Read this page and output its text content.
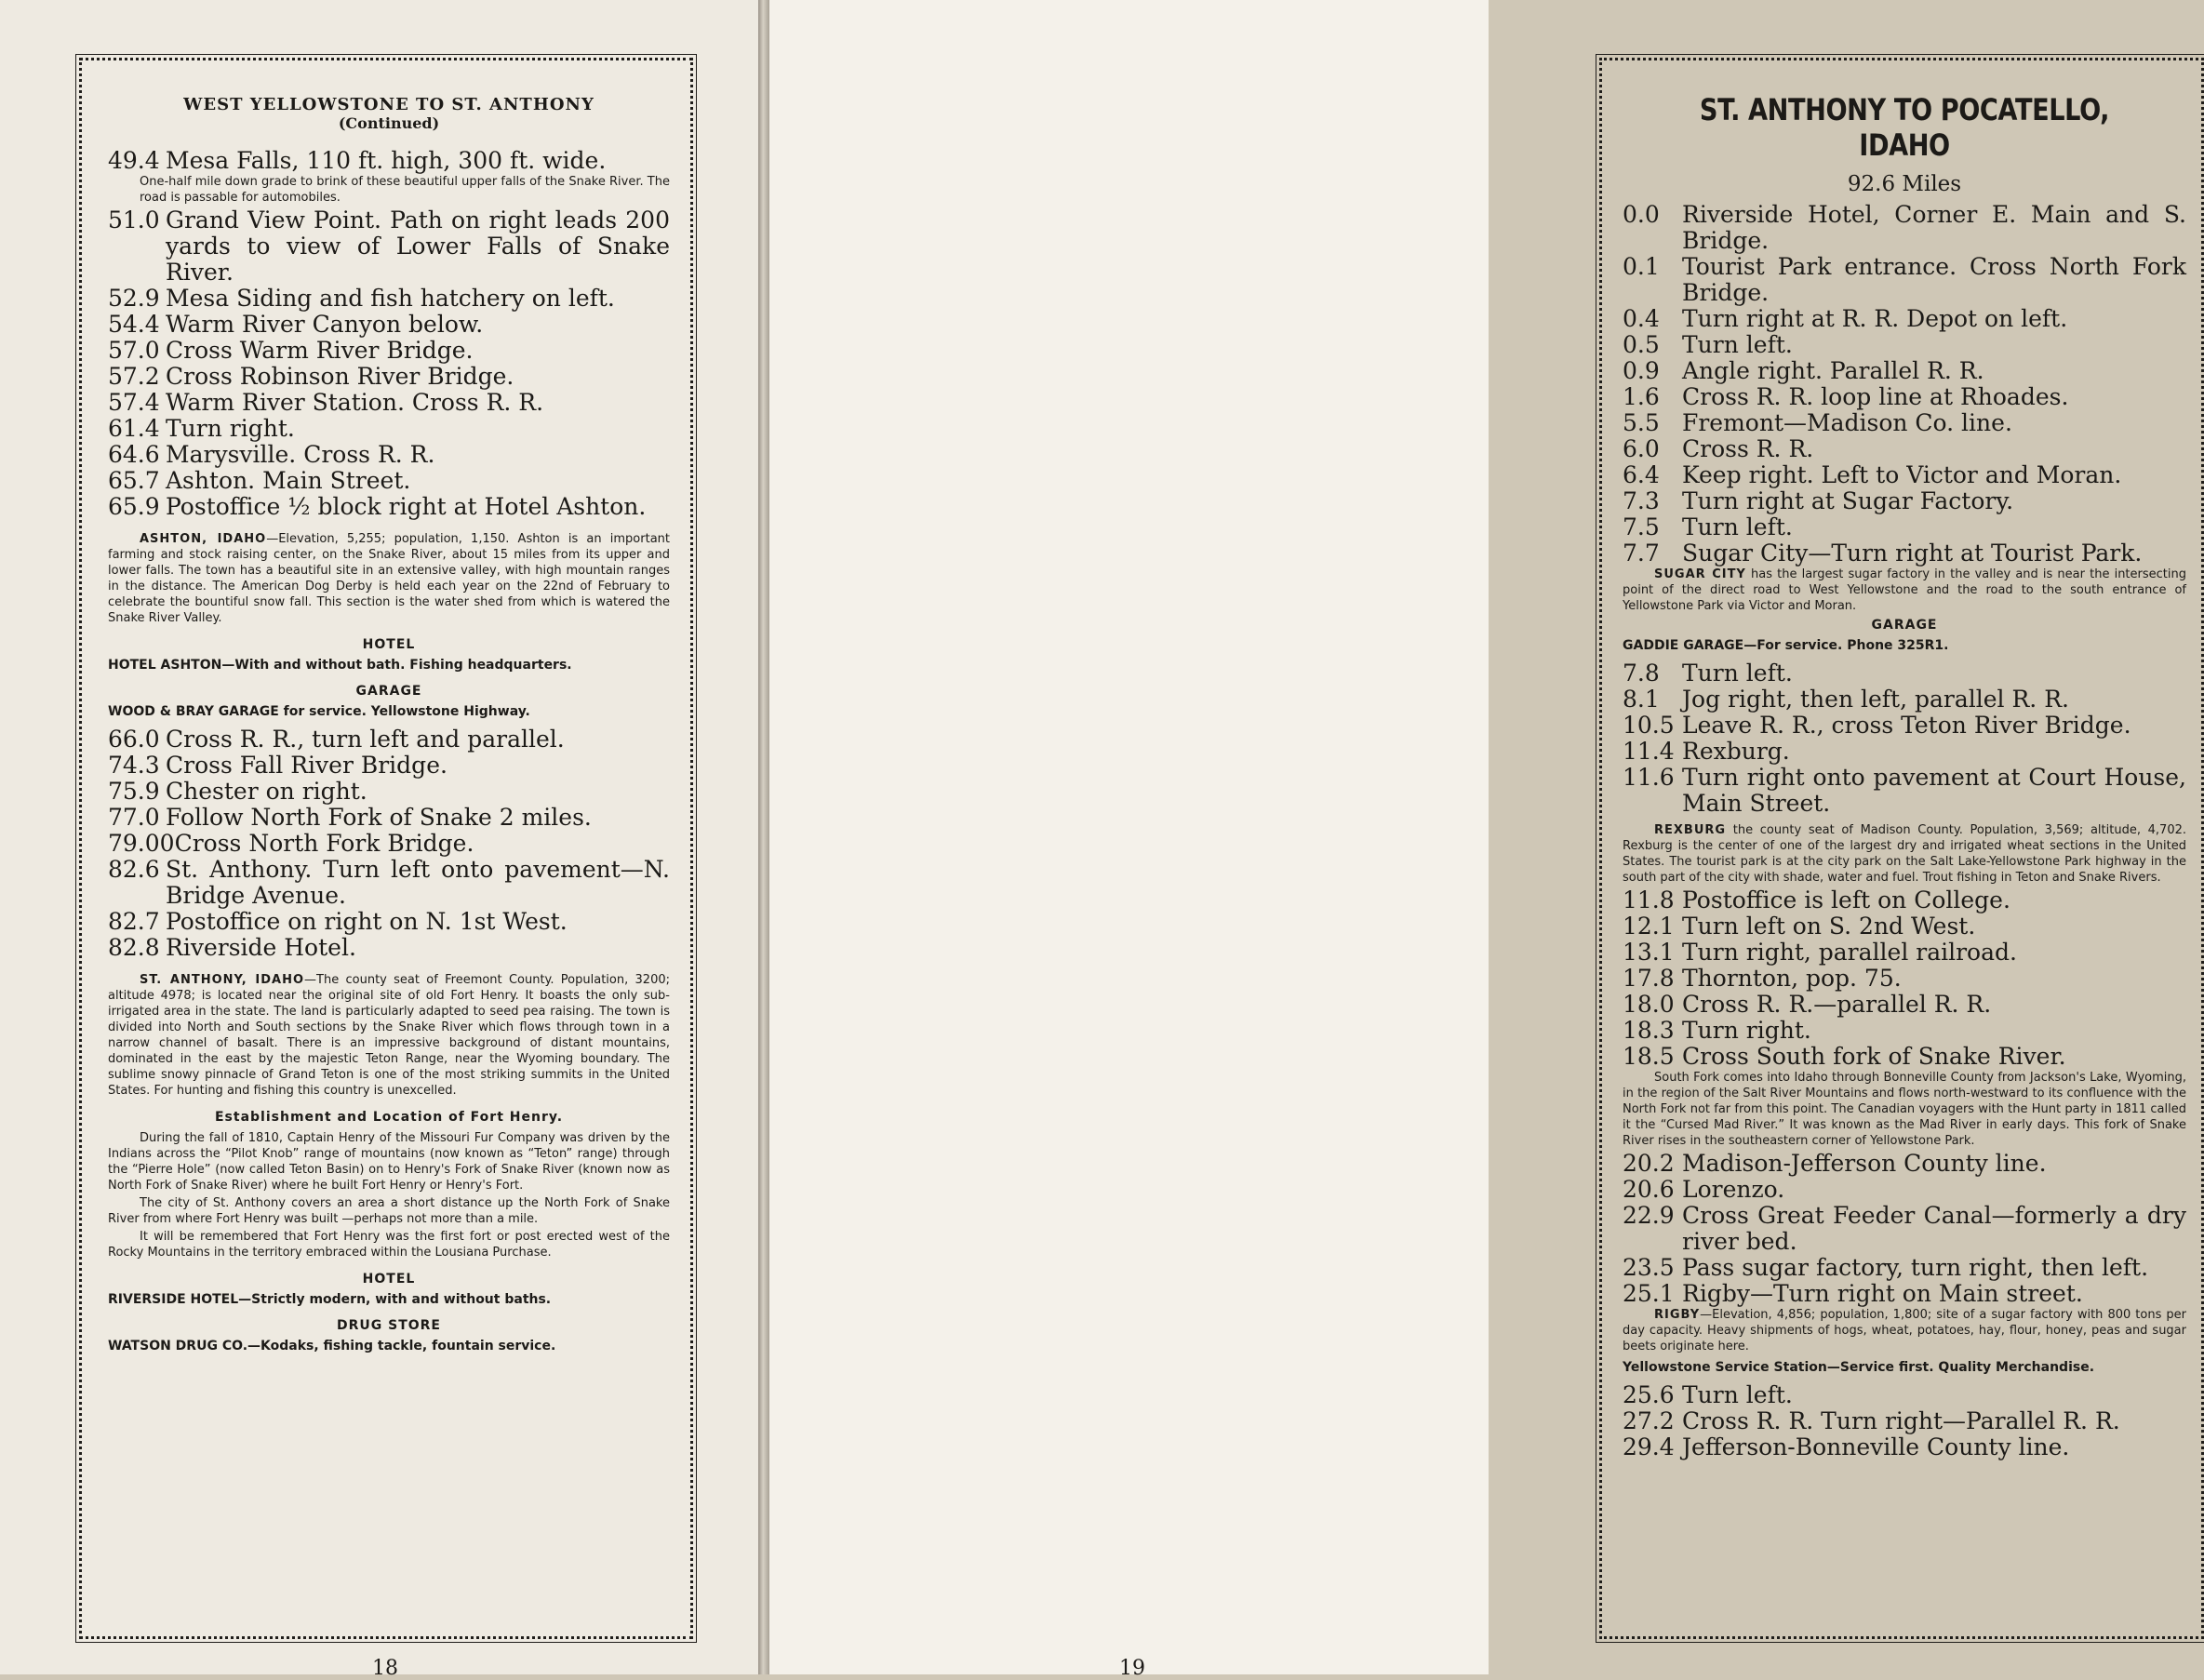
WEST YELLOWSTONE TO ST. ANTHONY
(Continued)
49.4 Mesa Falls, 110 ft. high, 300 ft. wide.

One-half mile down grade to brink of these beautiful upper falls of the Snake River. The road is passable for automobiles.

51.0 Grand View Point. Path on right leads 200 yards to view of Lower Falls of Snake River.
52.9 Mesa Siding and fish hatchery on left.
54.4 Warm River Canyon below.
57.0 Cross Warm River Bridge.
57.2 Cross Robinson River Bridge.
57.4 Warm River Station. Cross R. R.
61.4 Turn right.
64.6 Marysville. Cross R. R.
65.7 Ashton. Main Street.
65.9 Postoffice ½ block right at Hotel Ashton.

ASHTON, IDAHO—Elevation, 5,255; population, 1,150. Ashton is an important farming and stock raising center, on the Snake River, about 15 miles from its upper and lower falls. The town has a beautiful site in an extensive valley, with high mountain ranges in the distance. The American Dog Derby is held each year on the 22nd of February to celebrate the bountiful snow fall. This section is the water shed from which is watered the Snake River Valley.

HOTEL
HOTEL ASHTON—With and without bath. Fishing headquarters.
GARAGE
WOOD & BRAY GARAGE for service. Yellowstone Highway.
66.0 Cross R. R., turn left and parallel.
74.3 Cross Fall River Bridge.
75.9 Chester on right.
77.0 Follow North Fork of Snake 2 miles.
79.00 Cross North Fork Bridge.
82.6 St. Anthony. Turn left onto pavement—N. Bridge Avenue.
82.7 Postoffice on right on N. 1st West.
82.8 Riverside Hotel.

ST. ANTHONY, IDAHO—The county seat of Freemont County. Population, 3200; altitude 4978; is located near the original site of old Fort Henry. It boasts the only sub-irrigated area in the state. The land is particularly adapted to seed pea raising. The town is divided into North and South sections by the Snake River which flows through town in a narrow channel of basalt. There is an impressive background of distant mountains, dominated in the east by the majestic Teton Range, near the Wyoming boundary. The sublime snowy pinnacle of Grand Teton is one of the most striking summits in the United States. For hunting and fishing this country is unexcelled.

Establishment and Location of Fort Henry.

During the fall of 1810, Captain Henry of the Missouri Fur Company was driven by the Indians across the “Pilot Knob” range of mountains (now known as “Teton” range) through the “Pierre Hole” (now called Teton Basin) on to Henry's Fork of Snake River (known now as North Fork of Snake River) where he built Fort Henry or Henry's Fort.

The city of St. Anthony covers an area a short distance up the North Fork of Snake River from where Fort Henry was built —perhaps not more than a mile.

It will be remembered that Fort Henry was the first fort or post erected west of the Rocky Mountains in the territory embraced within the Lousiana Purchase.

HOTEL
RIVERSIDE HOTEL—Strictly modern, with and without baths.
DRUG STORE
WATSON DRUG CO.—Kodaks, fishing tackle, fountain service.
18
ST. ANTHONY TO POCATELLO, IDAHO
92.6 Miles
0.0 Riverside Hotel, Corner E. Main and S. Bridge.
0.1 Tourist Park entrance. Cross North Fork Bridge.
0.4 Turn right at R. R. Depot on left.
0.5 Turn left.
0.9 Angle right. Parallel R. R.
1.6 Cross R. R. loop line at Rhoades.
5.5 Fremont—Madison Co. line.
6.0 Cross R. R.
6.4 Keep right. Left to Victor and Moran.
7.3 Turn right at Sugar Factory.
7.5 Turn left.
7.7 Sugar City—Turn right at Tourist Park.

SUGAR CITY has the largest sugar factory in the valley and is near the intersecting point of the direct road to West Yellowstone and the road to the south entrance of Yellowstone Park via Victor and Moran.

GARAGE
GADDIE GARAGE—For service. Phone 325R1.
7.8 Turn left.
8.1 Jog right, then left, parallel R. R.
10.5 Leave R. R., cross Teton River Bridge.
11.4 Rexburg.
11.6 Turn right onto pavement at Court House, Main Street.

REXBURG the county seat of Madison County. Population, 3,569; altitude, 4,702. Rexburg is the center of one of the largest dry and irrigated wheat sections in the United States. The tourist park is at the city park on the Salt Lake-Yellowstone Park highway in the south part of the city with shade, water and fuel. Trout fishing in Teton and Snake Rivers.

11.8 Postoffice is left on College.
12.1 Turn left on S. 2nd West.
13.1 Turn right, parallel railroad.
17.8 Thornton, pop. 75.
18.0 Cross R. R.—parallel R. R.
18.3 Turn right.
18.5 Cross South fork of Snake River.

South Fork comes into Idaho through Bonneville County from Jackson's Lake, Wyoming, in the region of the Salt River Mountains and flows north-westward to its confluence with the North Fork not far from this point. The Canadian voyagers with the Hunt party in 1811 called it the “Cursed Mad River.” It was known as the Mad River in early days. This fork of Snake River rises in the southeastern corner of Yellowstone Park.

20.2 Madison-Jefferson County line.
20.6 Lorenzo.
22.9 Cross Great Feeder Canal—formerly a dry river bed.
23.5 Pass sugar factory, turn right, then left.
25.1 Rigby—Turn right on Main street.

RIGBY—Elevation, 4,856; population, 1,800; site of a sugar factory with 800 tons per day capacity. Heavy shipments of hogs, wheat, potatoes, hay, flour, honey, peas and sugar beets originate here.

Yellowstone Service Station—Service first. Quality Merchandise.
25.6 Turn left.
27.2 Cross R. R. Turn right—Parallel R. R.
29.4 Jefferson-Bonneville County line.
19
